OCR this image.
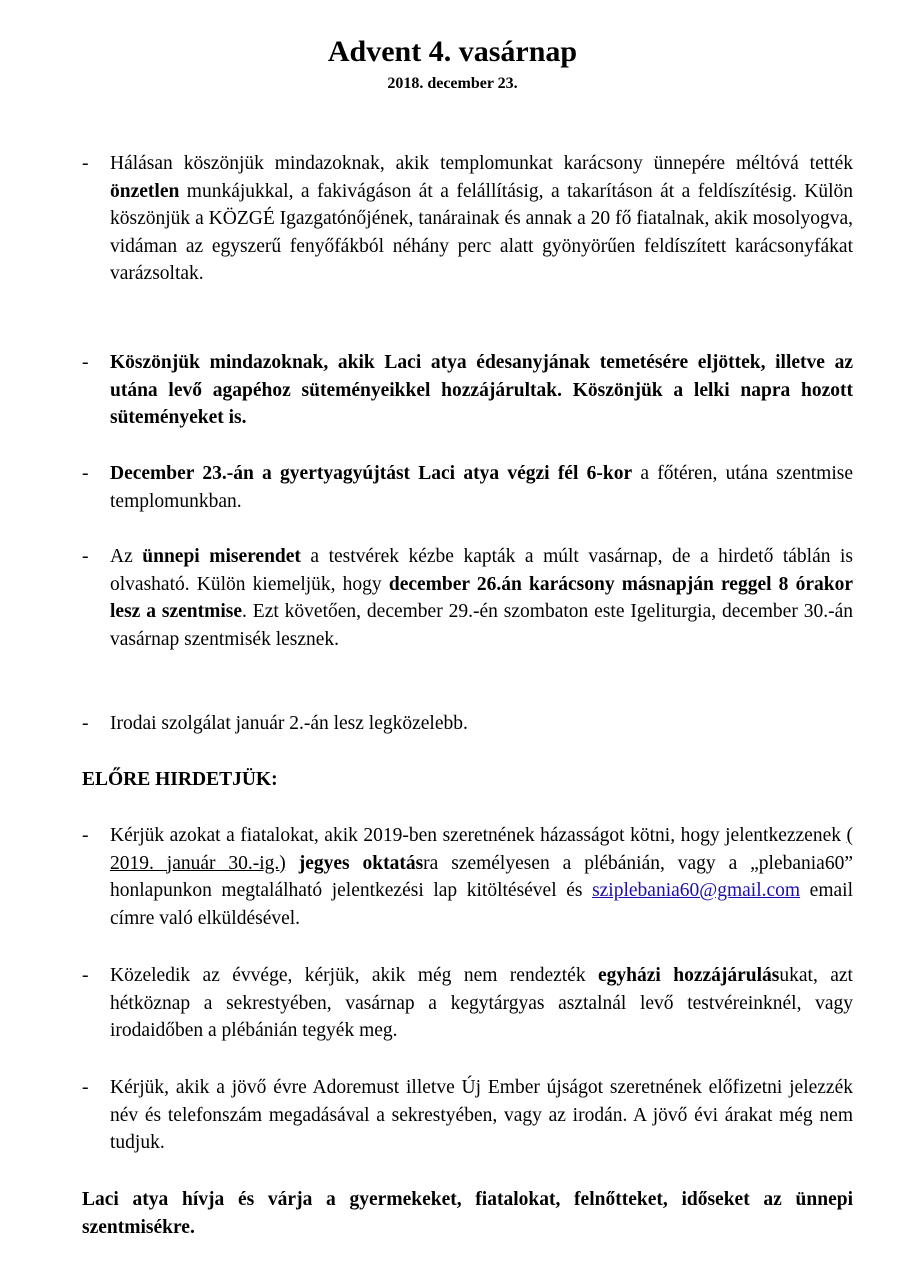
Advent 4. vasárnap
2018. december 23.
- Hálásan köszönjük mindazoknak, akik templomunkat karácsony ünnepére méltóvá tették önzetlen munkájukkal, a fakivágáson át a felállításig, a takarításon át a feldíszítésig. Külön köszönjük a KÖZGÉ Igazgatónőjének, tanárainak és annak a 20 fő fiatalnak, akik mosolyogva, vidáman az egyszerű fenyőfákból néhány perc alatt gyönyörűen feldíszített karácsonyfákat varázsoltak.
- Köszönjük mindazoknak, akik Laci atya édesanyjának temetésére eljöttek, illetve az utána levő agapéhoz süteményeikkel hozzájárultak. Köszönjük a lelki napra hozott süteményeket is.
- December 23.-án a gyertyagyújtást Laci atya végzi fél 6-kor a főtéren, utána szentmise templomunkban.
- Az ünnepi miserendet a testvérek kézbe kapták a múlt vasárnap, de a hirdető táblán is olvasható. Külön kiemeljük, hogy december 26.án karácsony másnapján reggel 8 órakor lesz a szentmise. Ezt követően, december 29.-én szombaton este Igeliturgia, december 30.-án vasárnap szentmisék lesznek.
- Irodai szolgálat január 2.-án lesz legközelebb.
ELŐRE HIRDETJÜK:
- Kérjük azokat a fiatalokat, akik 2019-ben szeretnének házasságot kötni, hogy jelentkezzenek ( 2019. január 30.-ig.) jegyes oktatásra személyesen a plébánián, vagy a „plebania60” honlapunkon megtalálható jelentkezési lap kitöltésével és sziplebania60@gmail.com email címre való elküldésével.
- Közeledik az évvége, kérjük, akik még nem rendezték egyházi hozzájárulásukat, azt hétköznap a sekrestyében, vasárnap a kegytárgyas asztalnál levő testvéreinknél, vagy irodaidőben a plébánián tegyék meg.
- Kérjük, akik a jövő évre Adoremust illetve Új Ember újságot szeretnének előfizetni jelezzék név és telefonszám megadásával a sekrestyében, vagy az irodán. A jövő évi árakat még nem tudjuk.
Laci atya hívja és várja a gyermekeket, fiatalokat, felnőtteket, időseket az ünnepi szentmisékre.
